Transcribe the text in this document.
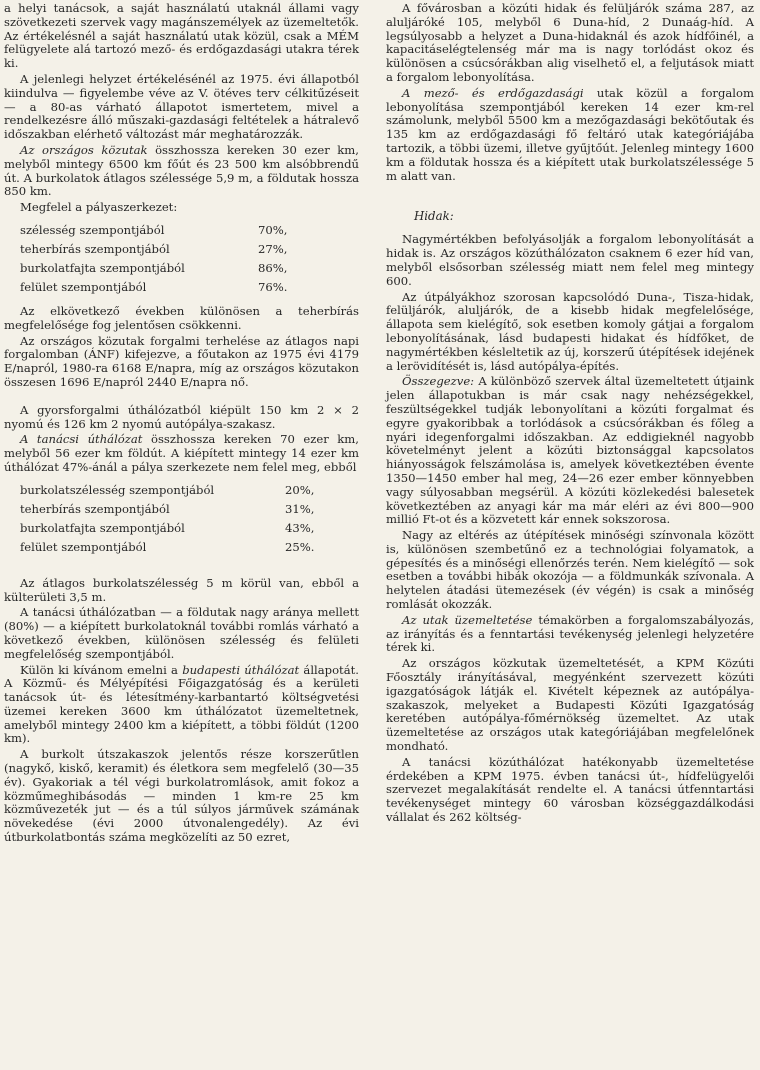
a helyi tanácsok, a saját használatú utaknál állami vagy szövetkezeti szervek vagy magánszemélyek az üzemeltetők. Az értékelésnél a saját használatú utak közül, csak a MÉM felügyelete alá tartozó mező- és erdőgazdasági utakra térek ki.

A jelenlegi helyzet értékelésénél az 1975. évi állapotból kiindulva — figyelembe véve az V. ötéves terv célkitűzéseit — a 80-as várható állapotot ismertetem, mivel a rendelkezésre álló műszaki-gazdasági feltételek a hátralevő időszakban elérhető változást már meghatározzák.

Az országos közutak összhossza kereken 30 ezer km, melyből mintegy 6500 km főút és 23 500 km alsóbbrendű út. A burkolatok átlagos szélessége 5,9 m, a földutak hossza 850 km.

Megfelel a pályaszerkezet:

szélesség szempontjából	70%,
teherbírás szempontjából	27%,
burkolatfajta szempontjából	86%,
felület szempontjából	76%.

Az elkövetkező években különösen a teherbírás megfelelősége fog jelentősen csökkenni.

Az országos közutak forgalmi terhelése az átlagos napi forgalomban (ÁNF) kifejezve, a főutakon az 1975 évi 4179 E/napról, 1980-ra 6168 E/napra, míg az országos közutakon összesen 1696 E/napról 2440 E/napra nő.

A gyorsforgalmi úthálózatból kiépült 150 km 2 × 2 nyomú és 126 km 2 nyomú autópálya-szakasz.

A tanácsi úthálózat összhossza kereken 70 ezer km, melyből 56 ezer km földút. A kiépített mintegy 14 ezer km úthálózat 47%-ánál a pálya szerkezete nem felel meg, ebből

burkolatszélesség szempontjából	20%,
teherbírás szempontjából	31%,
burkolatfajta szempontjából	43%,
felület szempontjából	25%.

Az átlagos burkolatszélesség 5 m körül van, ebből a külterületi 3,5 m.

A tanácsi úthálózatban — a földutak nagy aránya mellett (80%) — a kiépített burkolatoknál további romlás várható a következő években, különösen szélesség és felületi megfelelőség szempontjából.

Külön ki kívánom emelni a budapesti úthálózat állapotát. A Közmű- és Mélyépítési Főigazgatóság és a kerületi tanácsok út- és létesítmény-karbantartó költségvetési üzemei kereken 3600 km úthálózatot üzemeltetnek, amelyből mintegy 2400 km a kiépített, a többi földút (1200 km).

A burkolt útszakaszok jelentős része korszerűtlen (nagykő, kiskő, keramit) és életkora sem megfelelő (30—35 év). Gyakoriak a tél végi burkolatromlások, amit fokoz a közműmeghibásodás — minden 1 km-re 25 km közművezeték jut — és a túl súlyos járművek számának növekedése (évi 2000 útvonalengedély). Az évi útburkolatbontás száma megközelíti az 50 ezret,

A fővárosban a közúti hidak és felüljárók száma 287, az aluljáróké 105, melyből 6 Duna-híd, 2 Dunaág-híd. A legsúlyosabb a helyzet a Duna-hidaknál és azok hídfőinél, a kapacitáselégtelenség már ma is nagy torlódást okoz és különösen a csúcsórákban alig viselhető el, a feljutások miatt a forgalom lebonyolítása.

A mező- és erdőgazdasági utak közül a forgalom lebonyolítása szempontjából kereken 14 ezer km-rel számolunk, melyből 5500 km a mezőgazdasági bekötőutak és 135 km az erdőgazdasági fő feltáró utak kategóriájába tartozik, a többi üzemi, illetve gyűjtőút. Jelenleg mintegy 1600 km a földutak hossza és a kiépített utak burkolatszélessége 5 m alatt van.

Hidak:

Nagymértékben befolyásolják a forgalom lebonyolítását a hidak is. Az országos közúthálózaton csaknem 6 ezer híd van, melyből elsősorban szélesség miatt nem felel meg mintegy 600.

Az útpályákhoz szorosan kapcsolódó Duna-, Tisza-hidak, felüljárók, aluljárók, de a kisebb hidak megfelelősége, állapota sem kielégítő, sok esetben komoly gátjai a forgalom lebonyolításának, lásd budapesti hidakat és hídfőket, de nagymértékben késleltetik az új, korszerű útépítések idejének a lerövidítését is, lásd autópálya-építés.

Összegezve: A különböző szervek által üzemeltetett útjaink jelen állapotukban is már csak nagy nehézségekkel, feszültségekkel tudják lebonyolítani a közúti forgalmat és egyre gyakoribbak a torlódások a csúcsórákban és főleg a nyári idegenforgalmi időszakban. Az eddigieknél nagyobb követelményt jelent a közúti biztonsággal kapcsolatos hiányosságok felszámolása is, amelyek következtében évente 1350—1450 ember hal meg, 24—26 ezer ember könnyebben vagy súlyosabban megsérül. A közúti közlekedési balesetek következtében az anyagi kár ma már eléri az évi 800—900 millió Ft-ot és a közvetett kár ennek sokszorosa.

Nagy az eltérés az útépítések minőségi színvonala között is, különösen szembetűnő ez a technológiai folyamatok, a gépesítés és a minőségi ellenőrzés terén. Nem kielégítő — sok esetben a további hibák okozója — a földmunkák szívonala. A helytelen átadási ütemezések (év végén) is csak a minőség romlását okozzák.

Az utak üzemeltetése témakörben a forgalomszabályozás, az irányítás és a fenntartási tevékenység jelenlegi helyzetére térek ki.

Az országos közkutak üzemeltetését, a KPM Közúti Főosztály irányításával, megyénként szervezett közúti igazgatóságok látják el. Kivételt képeznek az autópálya-szakaszok, melyeket a Budapesti Közúti Igazgatóság keretében autópálya-főmérnökség üzemeltet. Az utak üzemeltetése az országos utak kategóriájában megfelelőnek mondható.

A tanácsi közúthálózat hatékonyabb üzemeltetése érdekében a KPM 1975. évben tanácsi út-, hídfelügyelői szervezet megalakítását rendelte el. A tanácsi útfenntartási tevékenységet mintegy 60 városban községgazdálkodási vállalat és 262 költség-
